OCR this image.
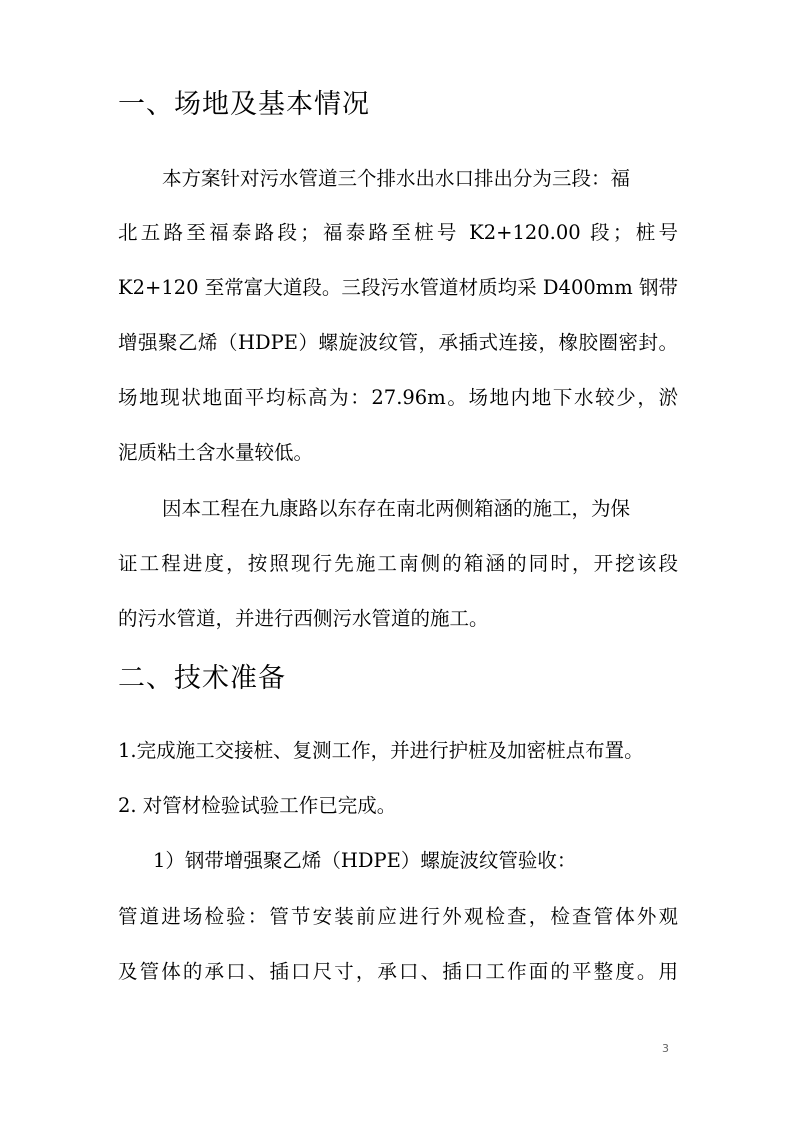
一、场地及基本情况
本方案针对污水管道三个排水出水口排出分为三段：福
北五路至福泰路段；福泰路至桩号 K2+120.00 段；桩号
K2+120 至常富大道段。三段污水管道材质均采 D400mm 钢带
增强聚乙烯（HDPE）螺旋波纹管，承插式连接，橡胶圈密封。
场地现状地面平均标高为：27.96m。场地内地下水较少，淤
泥质粘土含水量较低。
因本工程在九康路以东存在南北两侧箱涵的施工，为保
证工程进度，按照现行先施工南侧的箱涵的同时，开挖该段
的污水管道，并进行西侧污水管道的施工。
二、技术准备
1.完成施工交接桩、复测工作，并进行护桩及加密桩点布置。
2. 对管材检验试验工作已完成。
1）钢带增强聚乙烯（HDPE）螺旋波纹管验收：
管道进场检验：管节安装前应进行外观检查，检查管体外观
及管体的承口、插口尺寸，承口、插口工作面的平整度。用
3
